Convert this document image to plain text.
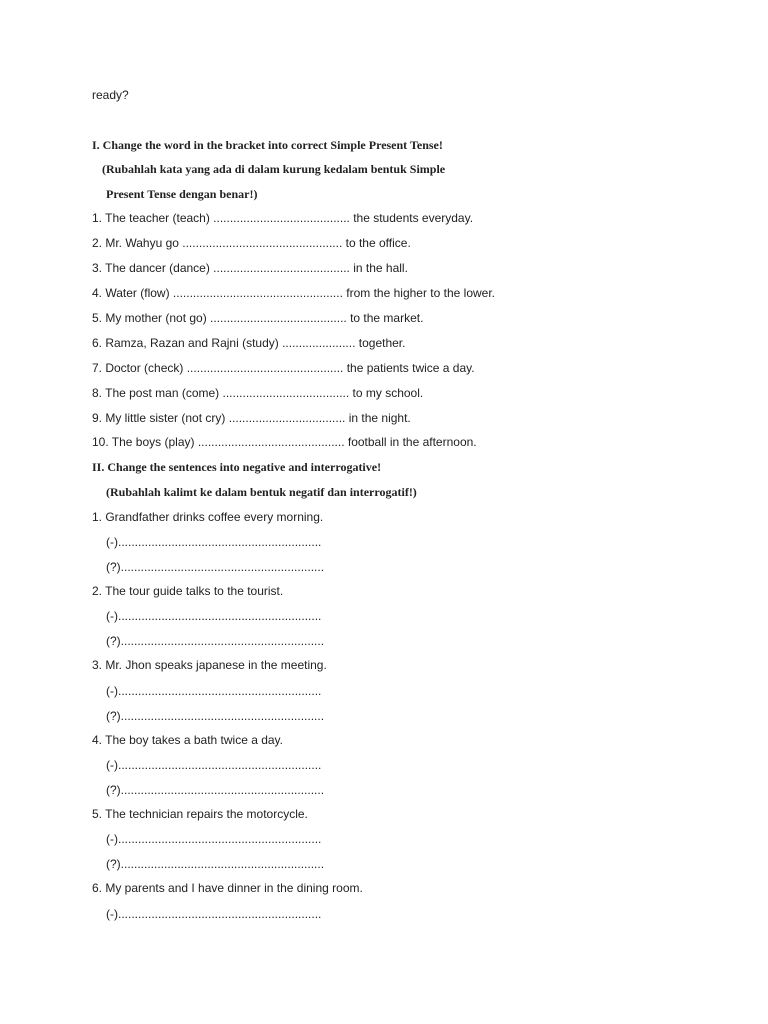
ready?
I. Change the word in the bracket into correct Simple Present Tense!
(Rubahlah kata yang ada di dalam kurung kedalam bentuk Simple
Present Tense dengan benar!)
1. The teacher (teach) ......................................... the students everyday.
2. Mr. Wahyu go ................................................ to the office.
3. The dancer (dance) ......................................... in the hall.
4. Water (flow) ................................................... from the higher to the lower.
5. My mother (not go) ......................................... to the market.
6. Ramza, Razan and Rajni (study) ...................... together.
7. Doctor (check) ............................................... the patients twice a day.
8. The post man (come) ...................................... to my school.
9. My little sister (not cry) ................................... in the night.
10. The boys (play) ............................................ football in the afternoon.
II. Change the sentences into negative and interrogative!
(Rubahlah kalimt ke dalam bentuk negatif dan interrogatif!)
1. Grandfather drinks coffee every morning.
(-).............................................................
(?).............................................................
2. The tour guide talks to the tourist.
(-).............................................................
(?).............................................................
3. Mr. Jhon speaks japanese in the meeting.
(-).............................................................
(?).............................................................
4. The boy takes a bath twice a day.
(-).............................................................
(?).............................................................
5. The technician repairs the motorcycle.
(-).............................................................
(?).............................................................
6. My parents and I have dinner in the dining room.
(-).............................................................
